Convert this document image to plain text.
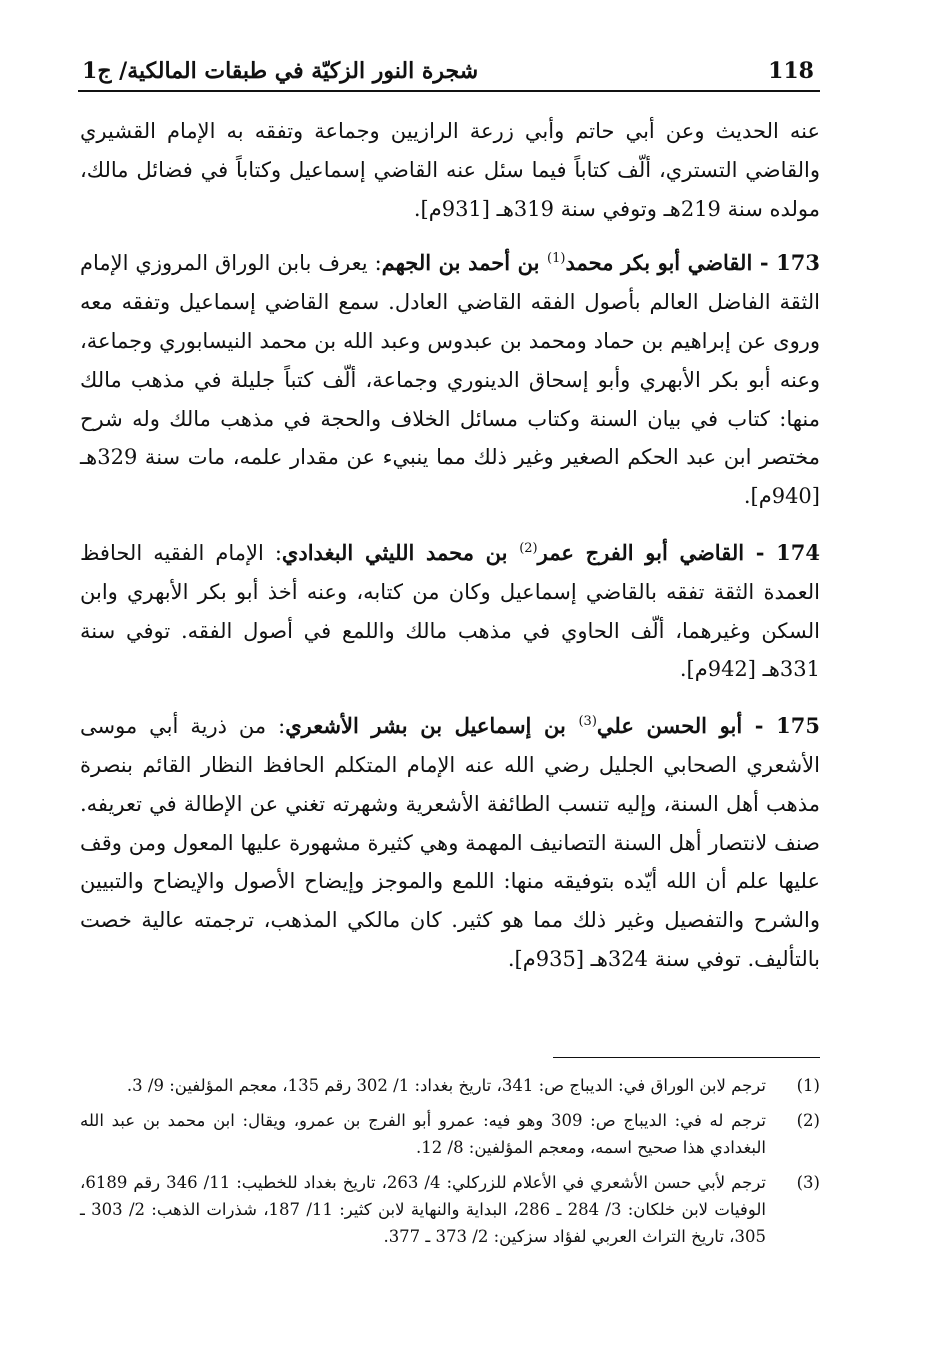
شجرة النور الزكيّة في طبقات المالكية/ ج1	118

عنه الحديث وعن أبي حاتم وأبي زرعة الرازيين وجماعة وتفقه به الإمام القشيري والقاضي التستري، ألّف كتاباً فيما سئل عنه القاضي إسماعيل وكتاباً في فضائل مالك، مولده سنة 219هـ وتوفي سنة 319هـ [931م].

173 - القاضي أبو بكر محمد$^{(1)}$ بن أحمد بن الجهم: يعرف بابن الوراق المروزي الإمام الثقة الفاضل العالم بأصول الفقه القاضي العادل. سمع القاضي إسماعيل وتفقه معه وروى عن إبراهيم بن حماد ومحمد بن عبدوس وعبد الله بن محمد النيسابوري وجماعة، وعنه أبو بكر الأبهري وأبو إسحاق الدينوري وجماعة، ألّف كتباً جليلة في مذهب مالك منها: كتاب في بيان السنة وكتاب مسائل الخلاف والحجة في مذهب مالك وله شرح مختصر ابن عبد الحكم الصغير وغير ذلك مما ينبيء عن مقدار علمه، مات سنة 329هـ [940م].

174 - القاضي أبو الفرج عمر$^{(2)}$ بن محمد الليثي البغدادي: الإمام الفقيه الحافظ العمدة الثقة تفقه بالقاضي إسماعيل وكان من كتابه، وعنه أخذ أبو بكر الأبهري وابن السكن وغيرهما، ألّف الحاوي في مذهب مالك واللمع في أصول الفقه. توفي سنة 331هـ [942م].

175 - أبو الحسن علي$^{(3)}$ بن إسماعيل بن بشر الأشعري: من ذرية أبي موسى الأشعري الصحابي الجليل رضي الله عنه الإمام المتكلم الحافظ النظار القائم بنصرة مذهب أهل السنة، وإليه تنسب الطائفة الأشعرية وشهرته تغني عن الإطالة في تعريفه. صنف لانتصار أهل السنة التصانيف المهمة وهي كثيرة مشهورة عليها المعول ومن وقف عليها علم أن الله أيّده بتوفيقه منها: اللمع والموجز وإيضاح الأصول والإيضاح والتبيين والشرح والتفصيل وغير ذلك مما هو كثير. كان مالكي المذهب، ترجمته عالية خصت بالتأليف. توفي سنة 324هـ [935م].

(1)
ترجم لابن الوراق في: الديباج ص: 341، تاريخ بغداد: 1/ 302 رقم 135، معجم المؤلفين: 9/ 3.
(2)
ترجم له في: الديباج ص: 309 وهو فيه: عمرو أبو الفرج بن عمرو، ويقال: ابن محمد بن عبد الله البغدادي هذا صحيح اسمه، ومعجم المؤلفين: 8/ 12.
(3)
ترجم لأبي حسن الأشعري في الأعلام للزركلي: 4/ 263، تاريخ بغداد للخطيب: 11/ 346 رقم 6189، الوفيات لابن خلكان: 3/ 284 ـ 286، البداية والنهاية لابن كثير: 11/ 187، شذرات الذهب: 2/ 303 ـ 305، تاريخ التراث العربي لفؤاد سزكين: 2/ 373 ـ 377.
